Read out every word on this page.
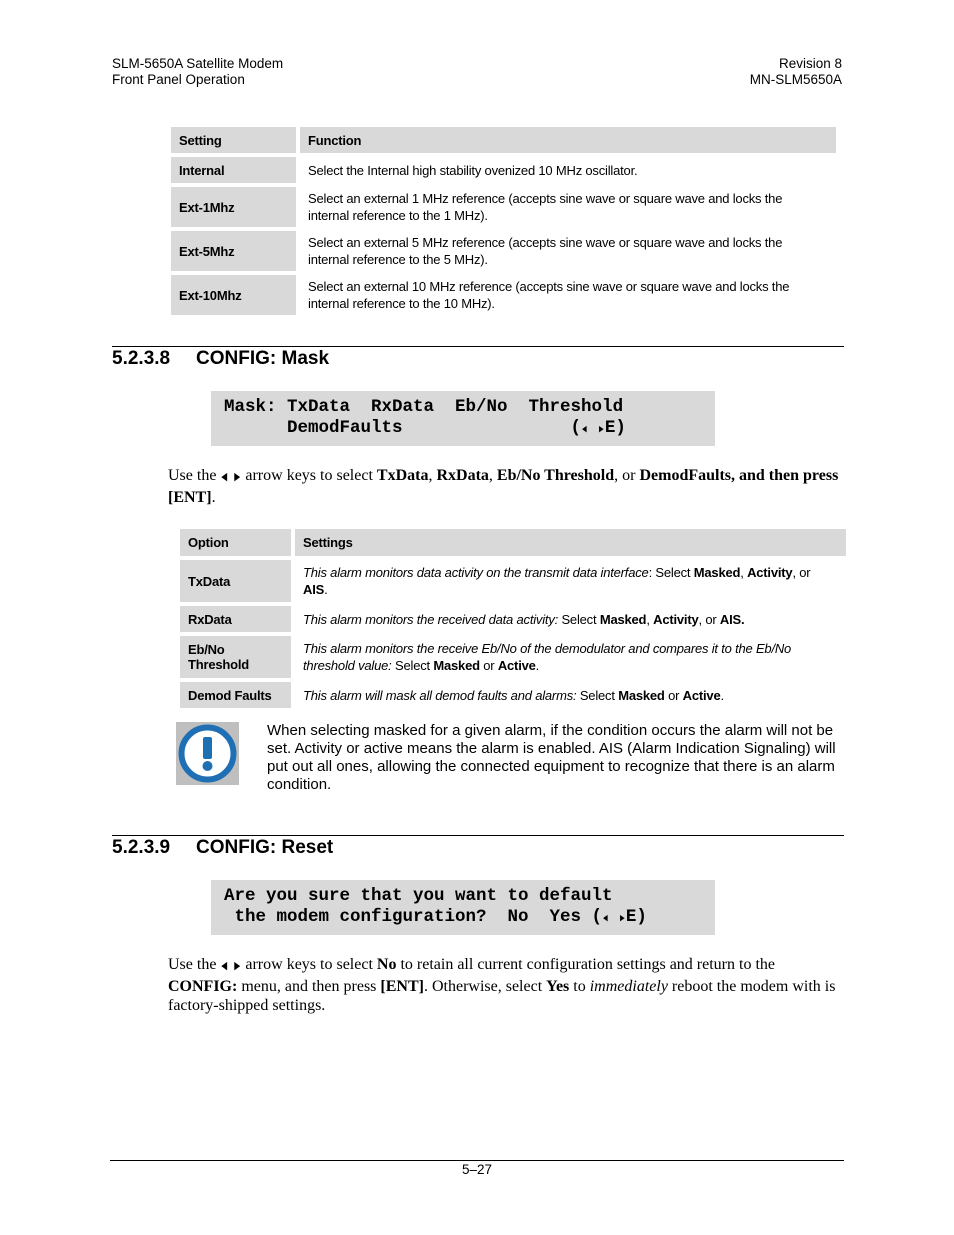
SLM-5650A Satellite Modem
Front Panel Operation
Revision 8
MN-SLM5650A
Setting	Function
Internal	Select the Internal high stability ovenized 10 MHz oscillator.
Ext-1Mhz	Select an external 1 MHz reference (accepts sine wave or square wave and locks the
internal reference to the 1 MHz).
Ext-5Mhz	Select an external 5 MHz reference (accepts sine wave or square wave and locks the
internal reference to the 5 MHz).
Ext-10Mhz	Select an external 10 MHz reference (accepts sine wave or square wave and locks the
internal reference to the 10 MHz).
5.2.3.8 CONFIG: Mask
Mask: TxData  RxData  Eb/No  Threshold
DemodFaults                (◀ ▶E)
Use the ◀ ▶ arrow keys to select TxData, RxData, Eb/No Threshold, or DemodFaults, and then press [ENT].
Option	Settings
TxData	This alarm monitors data activity on the transmit data interface: Select Masked, Activity, or
AIS.
RxData	This alarm monitors the received data activity: Select Masked, Activity, or AIS.
Eb/No
Threshold	This alarm monitors the receive Eb/No of the demodulator and compares it to the Eb/No
threshold value: Select Masked or Active.
Demod Faults	This alarm will mask all demod faults and alarms: Select Masked or Active.
When selecting masked for a given alarm, if the condition occurs the alarm will not be set. Activity or active means the alarm is enabled. AIS (Alarm Indication Signaling) will put out all ones, allowing the connected equipment to recognize that there is an alarm condition.
5.2.3.9 CONFIG: Reset
Are you sure that you want to default
the modem configuration?  No  Yes (◀ ▶E)
Use the ◀ ▶ arrow keys to select No to retain all current configuration settings and return to the CONFIG: menu, and then press [ENT]. Otherwise, select Yes to immediately reboot the modem with is factory-shipped settings.
5–27
